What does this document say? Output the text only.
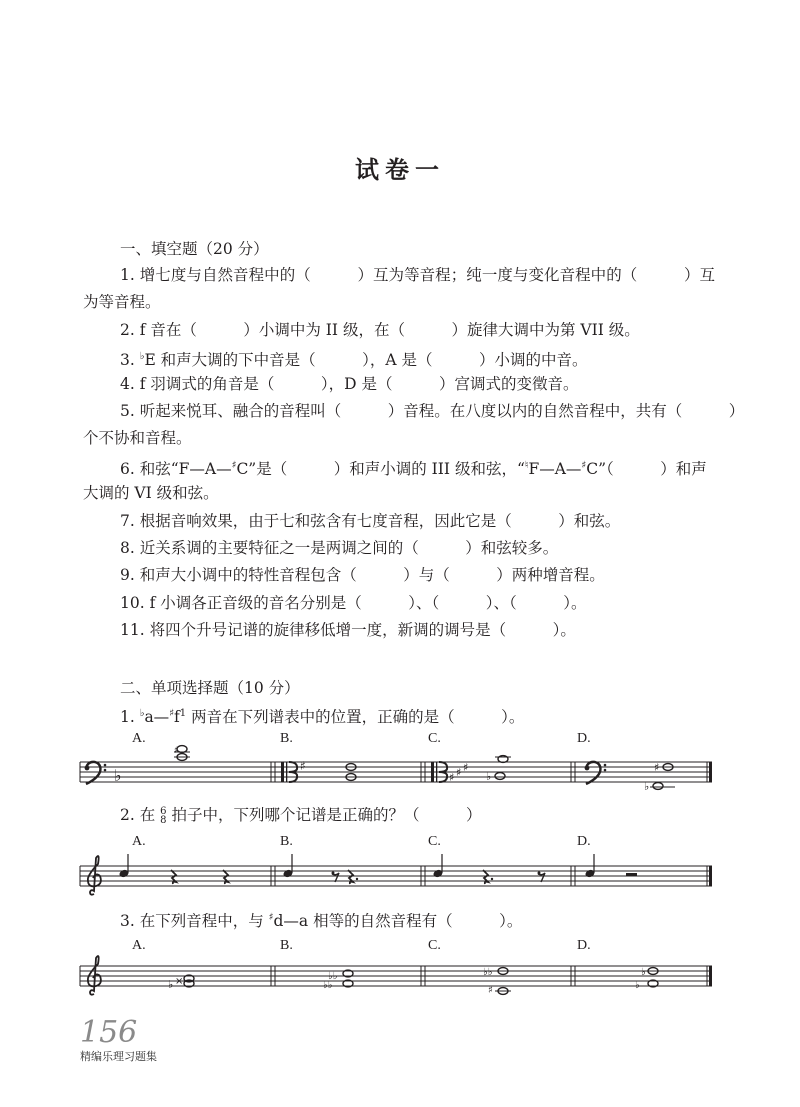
试卷一
一、填空题（20 分）
1. 增七度与自然音程中的（　　　）互为等音程；纯一度与变化音程中的（　　　）互
为等音程。
2. f 音在（　　　）小调中为 II 级，在（　　　）旋律大调中为第 VII 级。
3. ♭E 和声大调的下中音是（　　　），A 是（　　　）小调的中音。
4. f 羽调式的角音是（　　　），D 是（　　　）宫调式的变徵音。
5. 听起来悦耳、融合的音程叫（　　　）音程。在八度以内的自然音程中，共有（　　　）
个不协和音程。
6. 和弦“F—A—♯C”是（　　　）和声小调的 III 级和弦，“♮F—A—♯C”（　　　）和声
大调的 VI 级和弦。
7. 根据音响效果，由于七和弦含有七度音程，因此它是（　　　）和弦。
8. 近关系调的主要特征之一是两调之间的（　　　）和弦较多。
9. 和声大小调中的特性音程包含（　　　）与（　　　）两种增音程。
10. f 小调各正音级的音名分别是（　　　）、（　　　）、（　　　）。
11. 将四个升号记谱的旋律移低增一度，新调的调号是（　　　）。
二、单项选择题（10 分）
1. $^♭a—^♯f^1$ 两音在下列谱表中的位置，正确的是（　　　）。
A.	B.	C.	D.
♭
♯
♯
♯ ♯ ♯
♭
♯
♭
2. 在 6
8 拍子中，下列哪个记谱是正确的？（　　　）
A.	B.	C.	D.
3. 在下列音程中，与 ♯d—a 相等的自然音程有（　　　）。
A.	B.	C.	D.
♭ ×	♭♭
♭♭	♭♭
♯
♭
♭
156
精编乐理习题集
